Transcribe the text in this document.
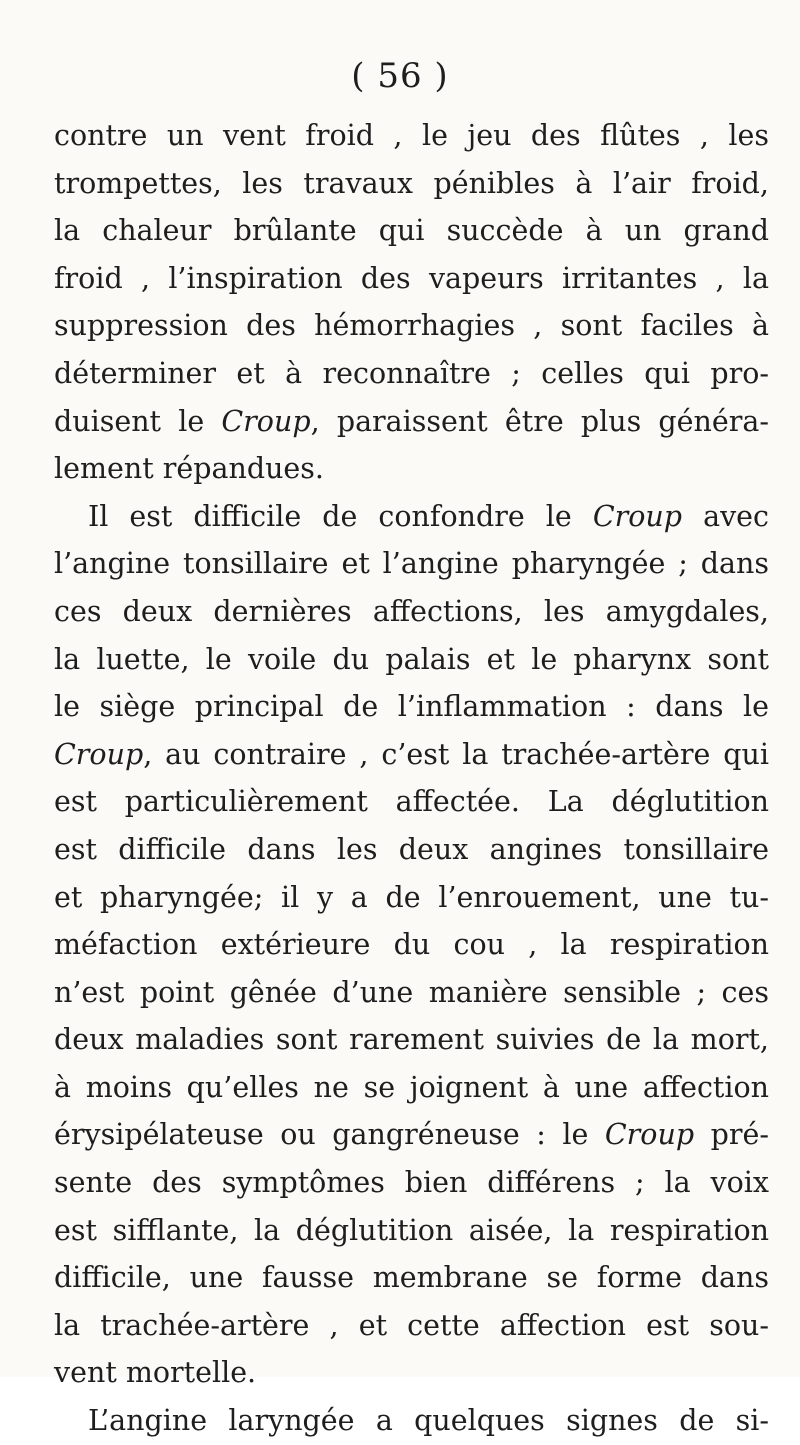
( 56 )
contre un vent froid , le jeu des flûtes , les
trompettes, les travaux pénibles à l’air froid,
la chaleur brûlante qui succède à un grand
froid , l’inspiration des vapeurs irritantes , la
suppression des hémorrhagies , sont faciles à
déterminer et à reconnaître ; celles qui pro-
duisent le Croup, paraissent être plus généra-
lement répandues.
Il est difficile de confondre le Croup avec
l’angine tonsillaire et l’angine pharyngée ; dans
ces deux dernières affections, les amygdales,
la luette, le voile du palais et le pharynx sont
le siège principal de l’inflammation : dans le
Croup, au contraire , c’est la trachée-artère qui
est particulièrement affectée. La déglutition
est difficile dans les deux angines tonsillaire
et pharyngée; il y a de l’enrouement, une tu-
méfaction extérieure du cou , la respiration
n’est point gênée d’une manière sensible ; ces
deux maladies sont rarement suivies de la mort,
à moins qu’elles ne se joignent à une affection
érysipélateuse ou gangréneuse : le Croup pré-
sente des symptômes bien différens ; la voix
est sifflante, la déglutition aisée, la respiration
difficile, une fausse membrane se forme dans
la trachée-artère , et cette affection est sou-
vent mortelle.
L’angine laryngée a quelques signes de si-
